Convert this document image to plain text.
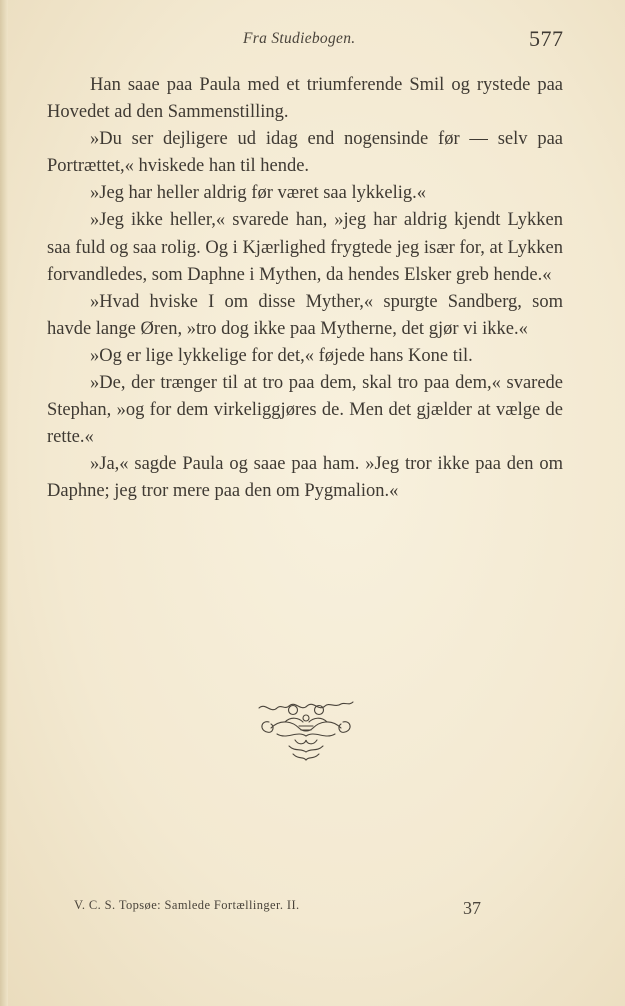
Fra Studiebogen.	577

Han saae paa Paula med et triumferende Smil og rystede paa Hovedet ad den Sammenstilling.

»Du ser dejligere ud idag end nogensinde før — selv paa Portrættet,« hviskede han til hende.

»Jeg har heller aldrig før været saa lykkelig.«

»Jeg ikke heller,« svarede han, »jeg har aldrig kjendt Lykken saa fuld og saa rolig. Og i Kjærlighed frygtede jeg især for, at Lykken forvandledes, som Daphne i Mythen, da hendes Elsker greb hende.«

»Hvad hviske I om disse Myther,« spurgte Sandberg, som havde lange Øren, »tro dog ikke paa Mytherne, det gjør vi ikke.«

»Og er lige lykkelige for det,« føjede hans Kone til.

»De, der trænger til at tro paa dem, skal tro paa dem,« svarede Stephan, »og for dem virkeliggjøres de. Men det gjælder at vælge de rette.«

»Ja,« sagde Paula og saae paa ham. »Jeg tror ikke paa den om Daphne; jeg tror mere paa den om Pygmalion.«

V. C. S. Topsøe: Samlede Fortællinger. II.	37
